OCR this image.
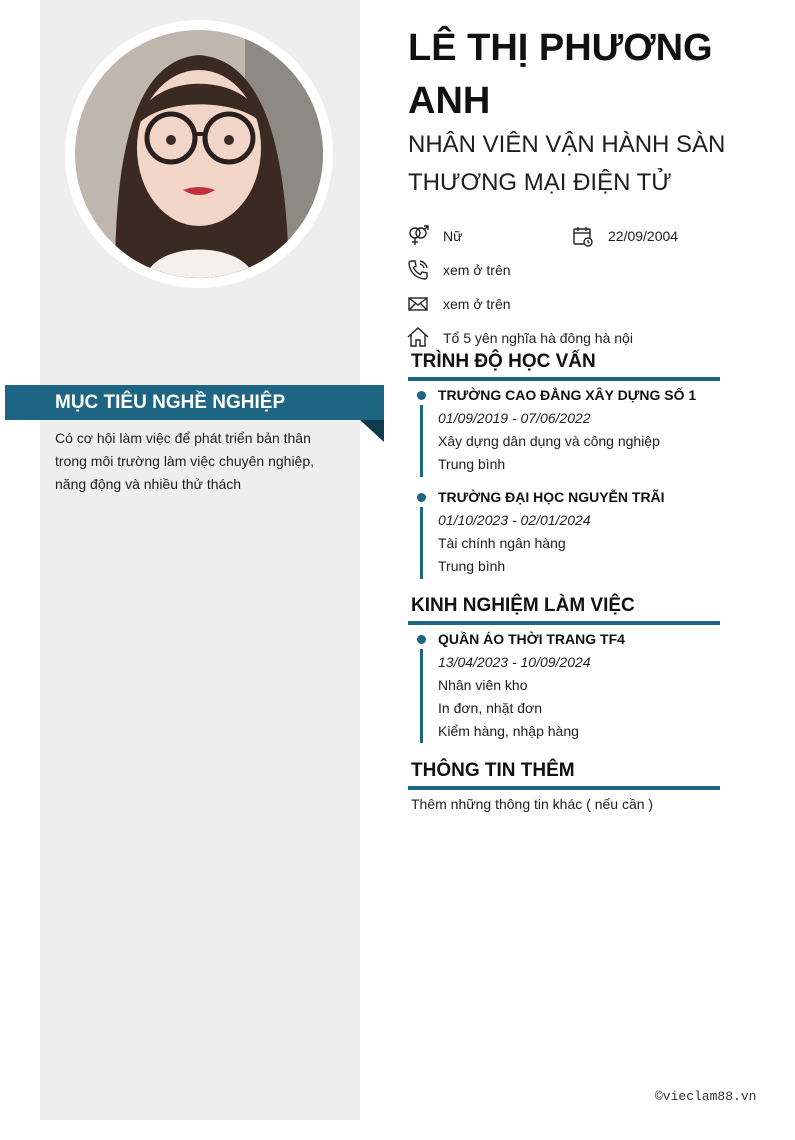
MỤC TIÊU NGHỀ NGHIỆP
Có cơ hội làm việc để phát triển bản thân trong môi trường làm việc chuyên nghiệp, năng động và nhiều thử thách
LÊ THỊ PHƯƠNG ANH
NHÂN VIÊN VẬN HÀNH SÀN THƯƠNG MẠI ĐIỆN TỬ
Nữ	22/09/2004
xem ở trên
xem ở trên
Tổ 5 yên nghĩa hà đông hà nội
TRÌNH ĐỘ HỌC VẤN
TRƯỜNG CAO ĐẲNG XÂY DỰNG SỐ 1
01/09/2019 - 07/06/2022
Xây dựng dân dụng và công nghiệp
Trung bình
TRƯỜNG ĐẠI HỌC NGUYỄN TRÃI
01/10/2023 - 02/01/2024
Tài chính ngân hàng
Trung bình
KINH NGHIỆM LÀM VIỆC
QUẦN ÁO THỜI TRANG TF4
13/04/2023 - 10/09/2024
Nhân viên kho
In đơn, nhặt đơn
Kiểm hàng, nhập hàng
THÔNG TIN THÊM
Thêm những thông tin khác ( nếu cần )
©vieclam88.vn
